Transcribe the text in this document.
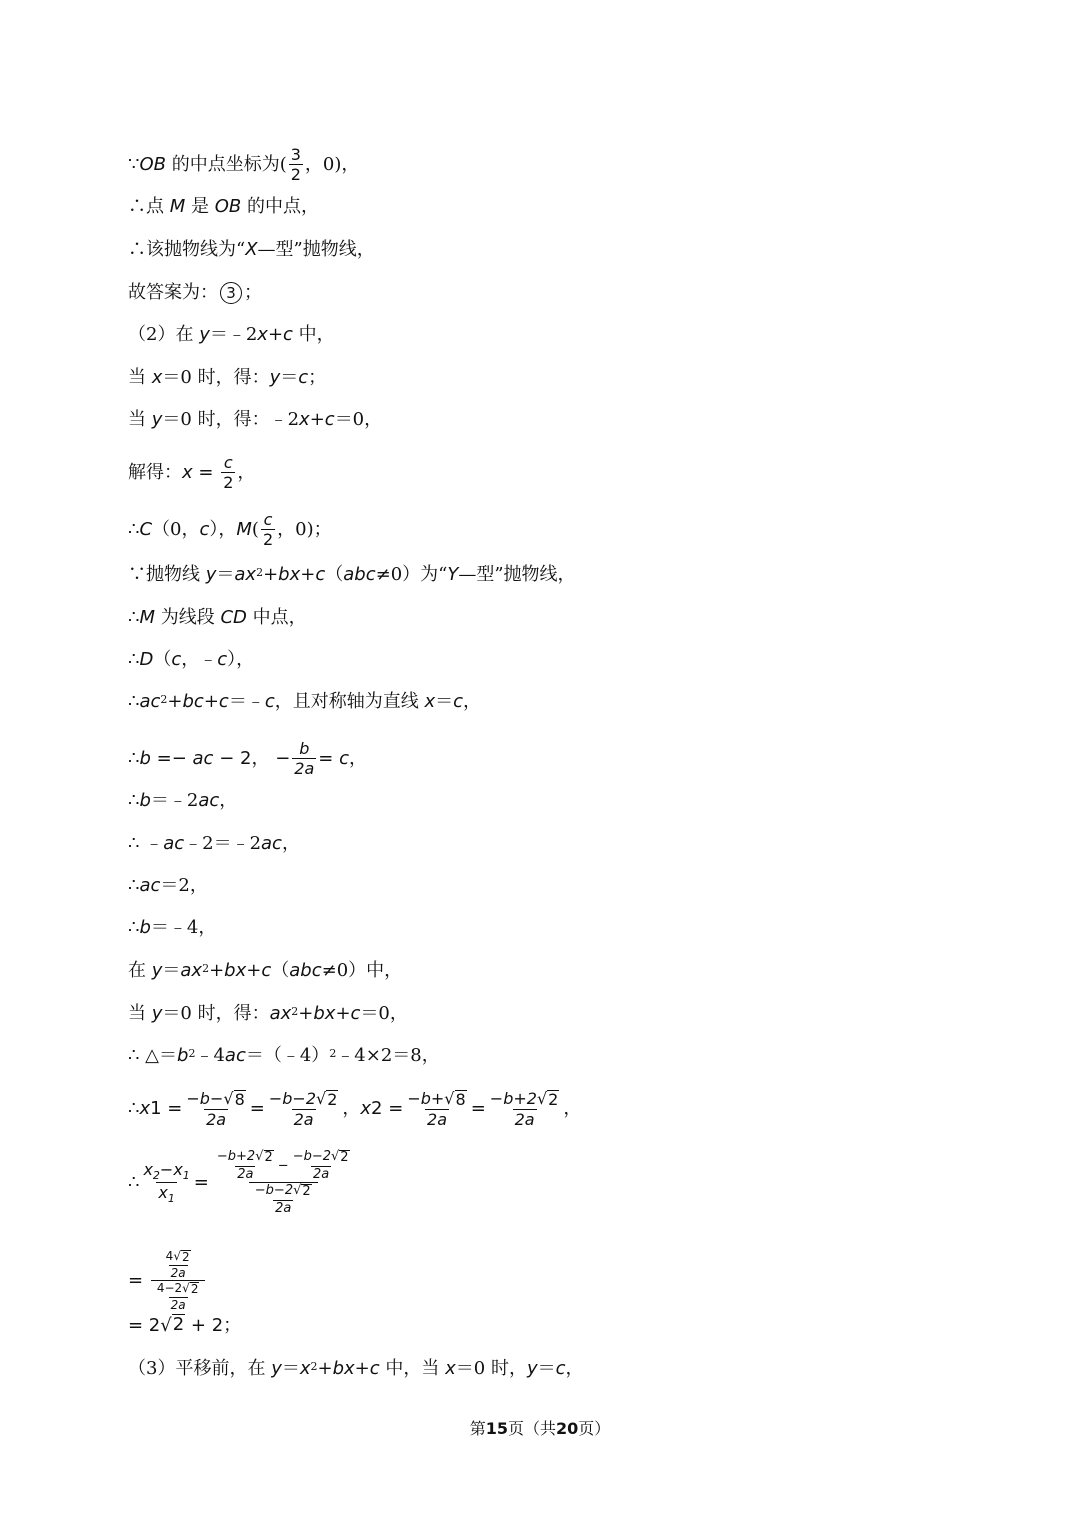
∵ OB 的中点坐标为( $\frac{3}{2}$ ，0)，
∴点 M 是 OB 的中点，
∴该抛物线为“ X —型”抛物线，
故答案为： 3 ；
（2）在 y ＝﹣2 x + c 中，
当 x ＝0 时，得： y ＝ c ；
当 y ＝0 时，得：﹣2 x + c ＝0，
解得： x
=
$\frac{c}{2}$ ，
∴ C （0， c ）， M ( $\frac{c}{2}$ ，0)；
∵抛物线 $y = ax^2$ + bx + c （ abc ≠0）为“ Y —型”抛物线，
∴ M 为线段 CD 中点，
∴ D （ c ，﹣ c ），
∴ $ac^2$ + bc + c ＝﹣ c ，且对称轴为直线 x ＝ c ，
∴ b
=−
ac
− 2 ， − $\frac{b}{2a}$ =
c ，
∴ b ＝﹣2 ac ，
∴ ﹣ ac ﹣2＝﹣2 ac ，
∴ ac ＝2，
∴ b ＝﹣4，
在 $y = ax^2$ + bx + c （ abc ≠0）中，
当 y ＝0 时，得： $ax^2$ + bx + c ＝0，
∴ △＝ $b^2$ ﹣4 ac ＝（﹣4）$^2$ ﹣4×2＝8，
∴ x 1
= $\frac{-b-√ 8}{2a} = \frac{-b-2√ 2}{2a}$ ， x 2
= $\frac{-b+√ 8}{2a} = \frac{-b+2√ 2}{2a}$ ，
∴ $\frac{x_2-x_1}{x_1} = \frac{\frac{-b+2√ 2}{2a} - \frac{-b-2√ 2}{2a}}{\frac{-b-2√ 2}{2a}}$
=
$\frac{\frac{4√ 2}{2a}}{\frac{4-2√ 2}{2a}}$
= 2 √ 2 + 2；
（3）平移前，在 $y = x^2$ + bx + c 中，当 x ＝0 时， y ＝ c ，
第15页（共20页）
